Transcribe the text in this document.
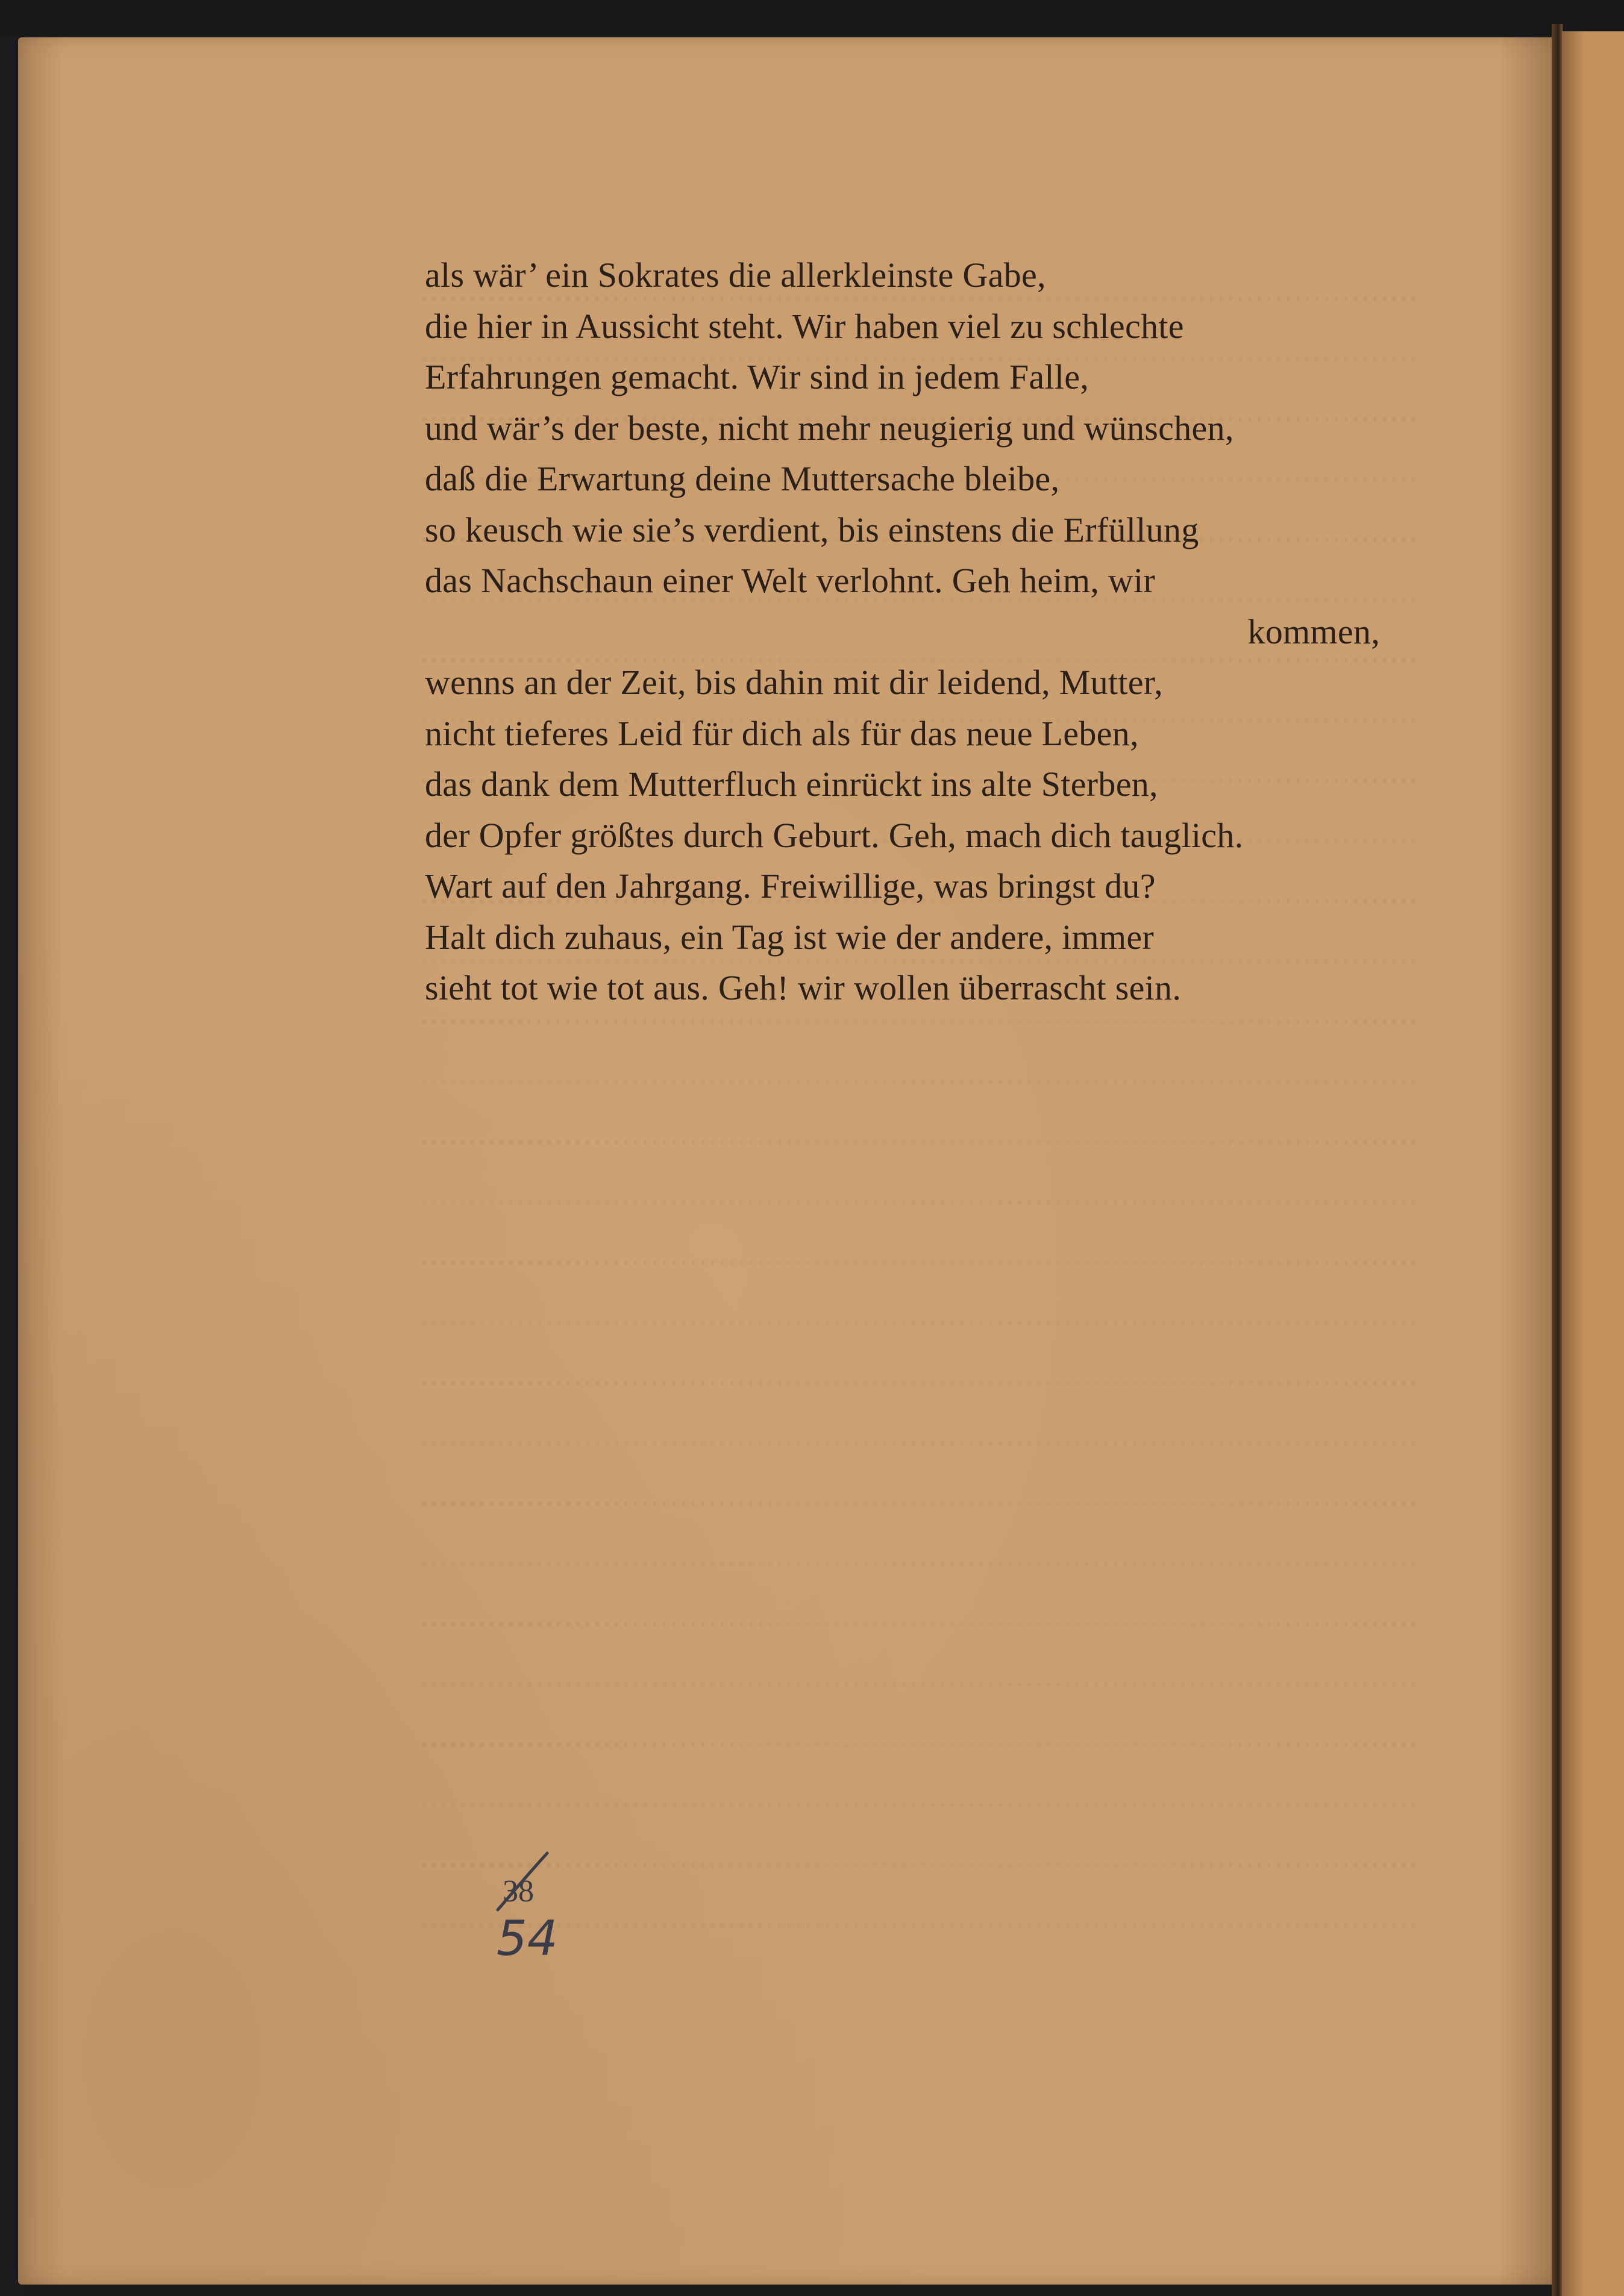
als wär’ ein Sokrates die allerkleinste Gabe,
die hier in Aussicht steht. Wir haben viel zu schlechte
Erfahrungen gemacht. Wir sind in jedem Falle,
und wär’s der beste, nicht mehr neugierig und wünschen,
daß die Erwartung deine Muttersache bleibe,
so keusch wie sie’s verdient, bis einstens die Erfüllung
das Nachschaun einer Welt verlohnt. Geh heim, wir
kommen,
wenns an der Zeit, bis dahin mit dir leidend, Mutter,
nicht tieferes Leid für dich als für das neue Leben,
das dank dem Mutterfluch einrückt ins alte Sterben,
der Opfer größtes durch Geburt. Geh, mach dich tauglich.
Wart auf den Jahrgang. Freiwillige, was bringst du?
Halt dich zuhaus, ein Tag ist wie der andere, immer
sieht tot wie tot aus. Geh! wir wollen überrascht sein.
38
54
